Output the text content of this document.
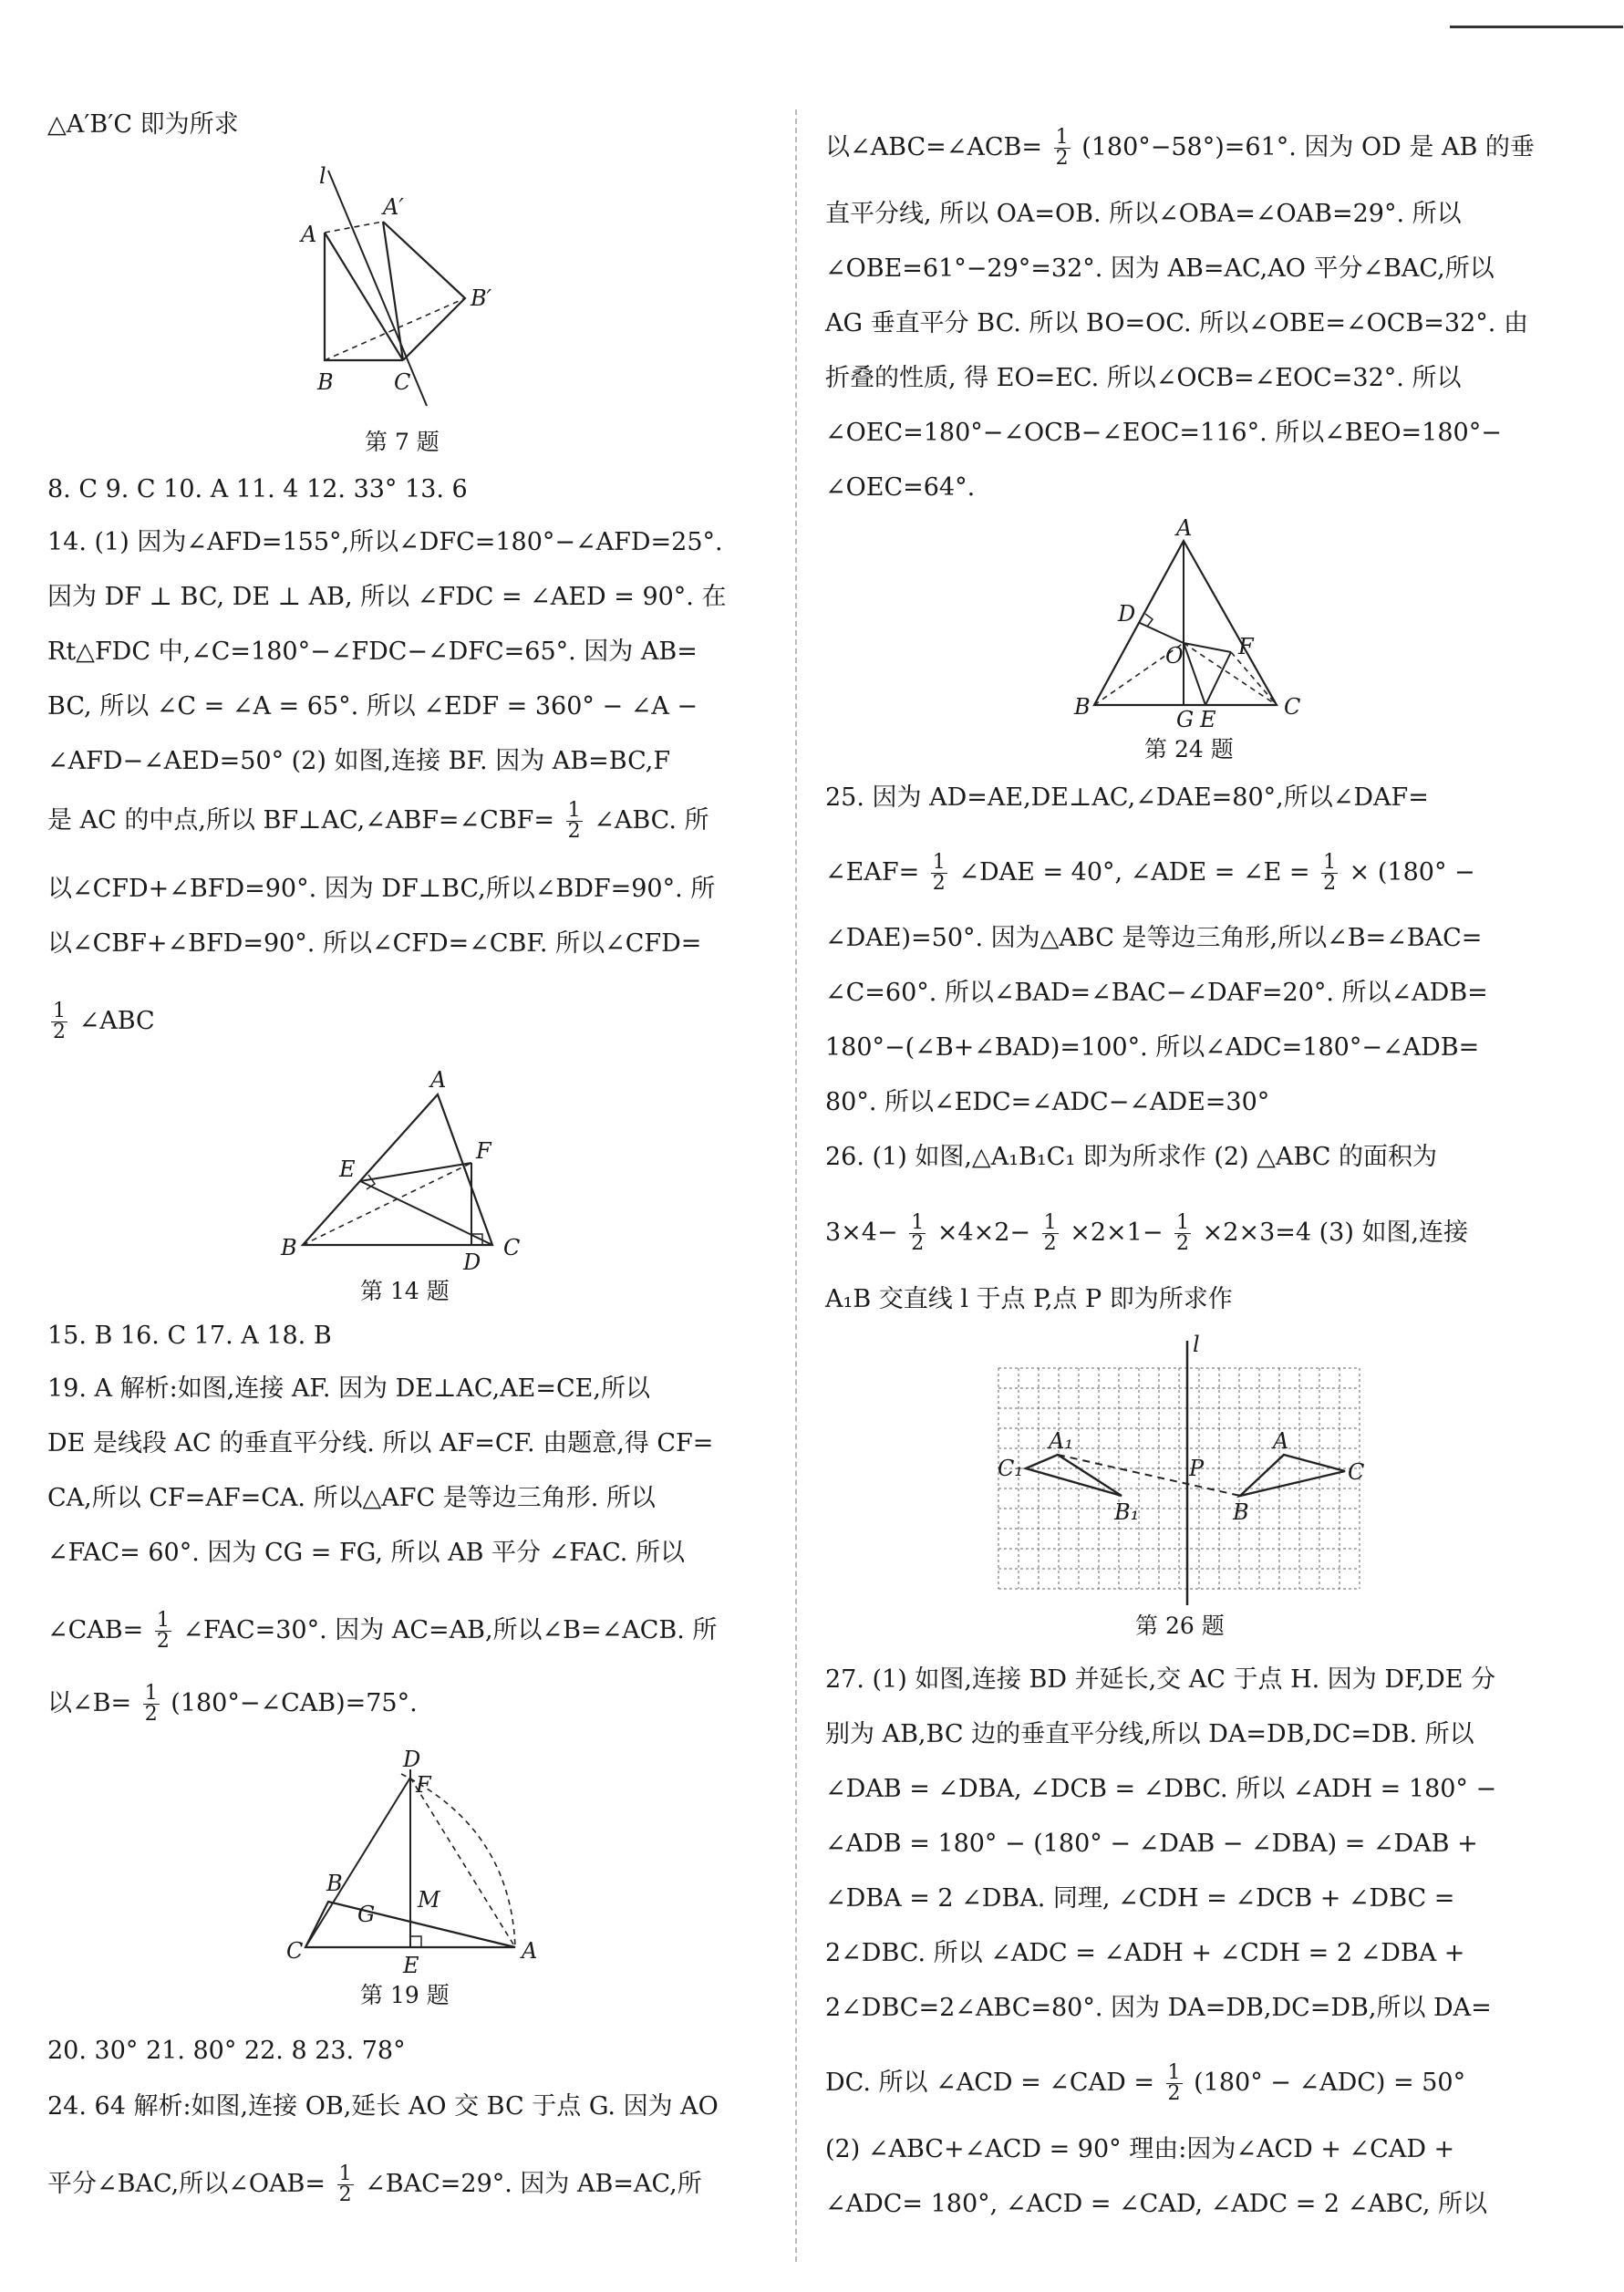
△A′B′C 即为所求
l
A
A′
B′
B	C
第 7 题
8. C 9. C 10. A 11. 4 12. 33° 13. 6
14. (1) 因为∠AFD=155°,所以∠DFC=180°−∠AFD=25°.
因为 DF ⊥ BC, DE ⊥ AB, 所以 ∠FDC = ∠AED = 90°. 在
Rt△FDC 中,∠C=180°−∠FDC−∠DFC=65°. 因为 AB=
BC, 所以 ∠C = ∠A = 65°. 所以 ∠EDF = 360° − ∠A −
∠AFD−∠AED=50° (2) 如图,连接 BF. 因为 AB=BC,F
是 AC 的中点,所以 BF⊥AC,∠ABF=∠CBF= $\frac{1}{2}$ ∠ABC. 所
以∠CFD+∠BFD=90°. 因为 DF⊥BC,所以∠BDF=90°. 所
以∠CBF+∠BFD=90°. 所以∠CFD=∠CBF. 所以∠CFD=
$\frac{1}{2}$ ∠ABC
A
E
F
B
D
C
第 14 题
15. B 16. C 17. A 18. B
19. A 解析:如图,连接 AF. 因为 DE⊥AC,AE=CE,所以
DE 是线段 AC 的垂直平分线. 所以 AF=CF. 由题意,得 CF=
CA,所以 CF=AF=CA. 所以△AFC 是等边三角形. 所以
∠FAC= 60°. 因为 CG = FG, 所以 AB 平分 ∠FAC. 所以
∠CAB= $\frac{1}{2}$ ∠FAC=30°. 因为 AC=AB,所以∠B=∠ACB. 所
以∠B= $\frac{1}{2}$ (180°−∠CAB)=75°.
D
F
B
G
M
C
E
A
第 19 题
20. 30° 21. 80° 22. 8 23. 78°
24. 64 解析:如图,连接 OB,延长 AO 交 BC 于点 G. 因为 AO
平分∠BAC,所以∠OAB= $\frac{1}{2}$ ∠BAC=29°. 因为 AB=AC,所
以∠ABC=∠ACB= $\frac{1}{2} (180^\circ-58^\circ)=61^\circ$. 因为 OD 是 AB 的垂
直平分线, 所以 OA=OB. 所以∠OBA=∠OAB=29°. 所以
∠OBE=61°−29°=32°. 因为 AB=AC,AO 平分∠BAC,所以
AG 垂直平分 BC. 所以 BO=OC. 所以∠OBE=∠OCB=32°. 由
折叠的性质, 得 EO=EC. 所以∠OCB=∠EOC=32°. 所以
∠OEC=180°−∠OCB−∠EOC=116°. 所以∠BEO=180°−
∠OEC=64°.
A
D
F
O
B	G E	C
第 24 题
25. 因为 AD=AE,DE⊥AC,∠DAE=80°,所以∠DAF=
∠EAF= $\frac{1}{2}$ ∠DAE = 40°, ∠ADE = ∠E = $\frac{1}{2} \times (180^\circ$ −
∠DAE)=50°. 因为△ABC 是等边三角形,所以∠B=∠BAC=
∠C=60°. 所以∠BAD=∠BAC−∠DAF=20°. 所以∠ADB=
180°−(∠B+∠BAD)=100°. 所以∠ADC=180°−∠ADB=
80°. 所以∠EDC=∠ADC−∠ADE=30°
26. (1) 如图,△A₁B₁C₁ 即为所求作 (2) △ABC 的面积为
$3\times 4- \frac{1}{2} \times 4\times 2- \frac{1}{2} \times 2\times 1- \frac{1}{2} \times 2\times 3=4$ (3) 如图,连接
A₁B 交直线 l 于点 P,点 P 即为所求作
l
A₁	A
C₁	P	C
B₁	B
第 26 题
27. (1) 如图,连接 BD 并延长,交 AC 于点 H. 因为 DF,DE 分
别为 AB,BC 边的垂直平分线,所以 DA=DB,DC=DB. 所以
∠DAB = ∠DBA, ∠DCB = ∠DBC. 所以 ∠ADH = 180° −
∠ADB = 180° − (180° − ∠DAB − ∠DBA) = ∠DAB +
∠DBA = 2 ∠DBA. 同理, ∠CDH = ∠DCB + ∠DBC =
2∠DBC. 所以 ∠ADC = ∠ADH + ∠CDH = 2 ∠DBA +
2∠DBC=2∠ABC=80°. 因为 DA=DB,DC=DB,所以 DA=
DC. 所以 ∠ACD = ∠CAD = $\frac{1}{2} (180^\circ$ − ∠ADC) = 50°
(2) ∠ABC+∠ACD = 90° 理由:因为∠ACD + ∠CAD +
∠ADC= 180°, ∠ACD = ∠CAD, ∠ADC = 2 ∠ABC, 所以
